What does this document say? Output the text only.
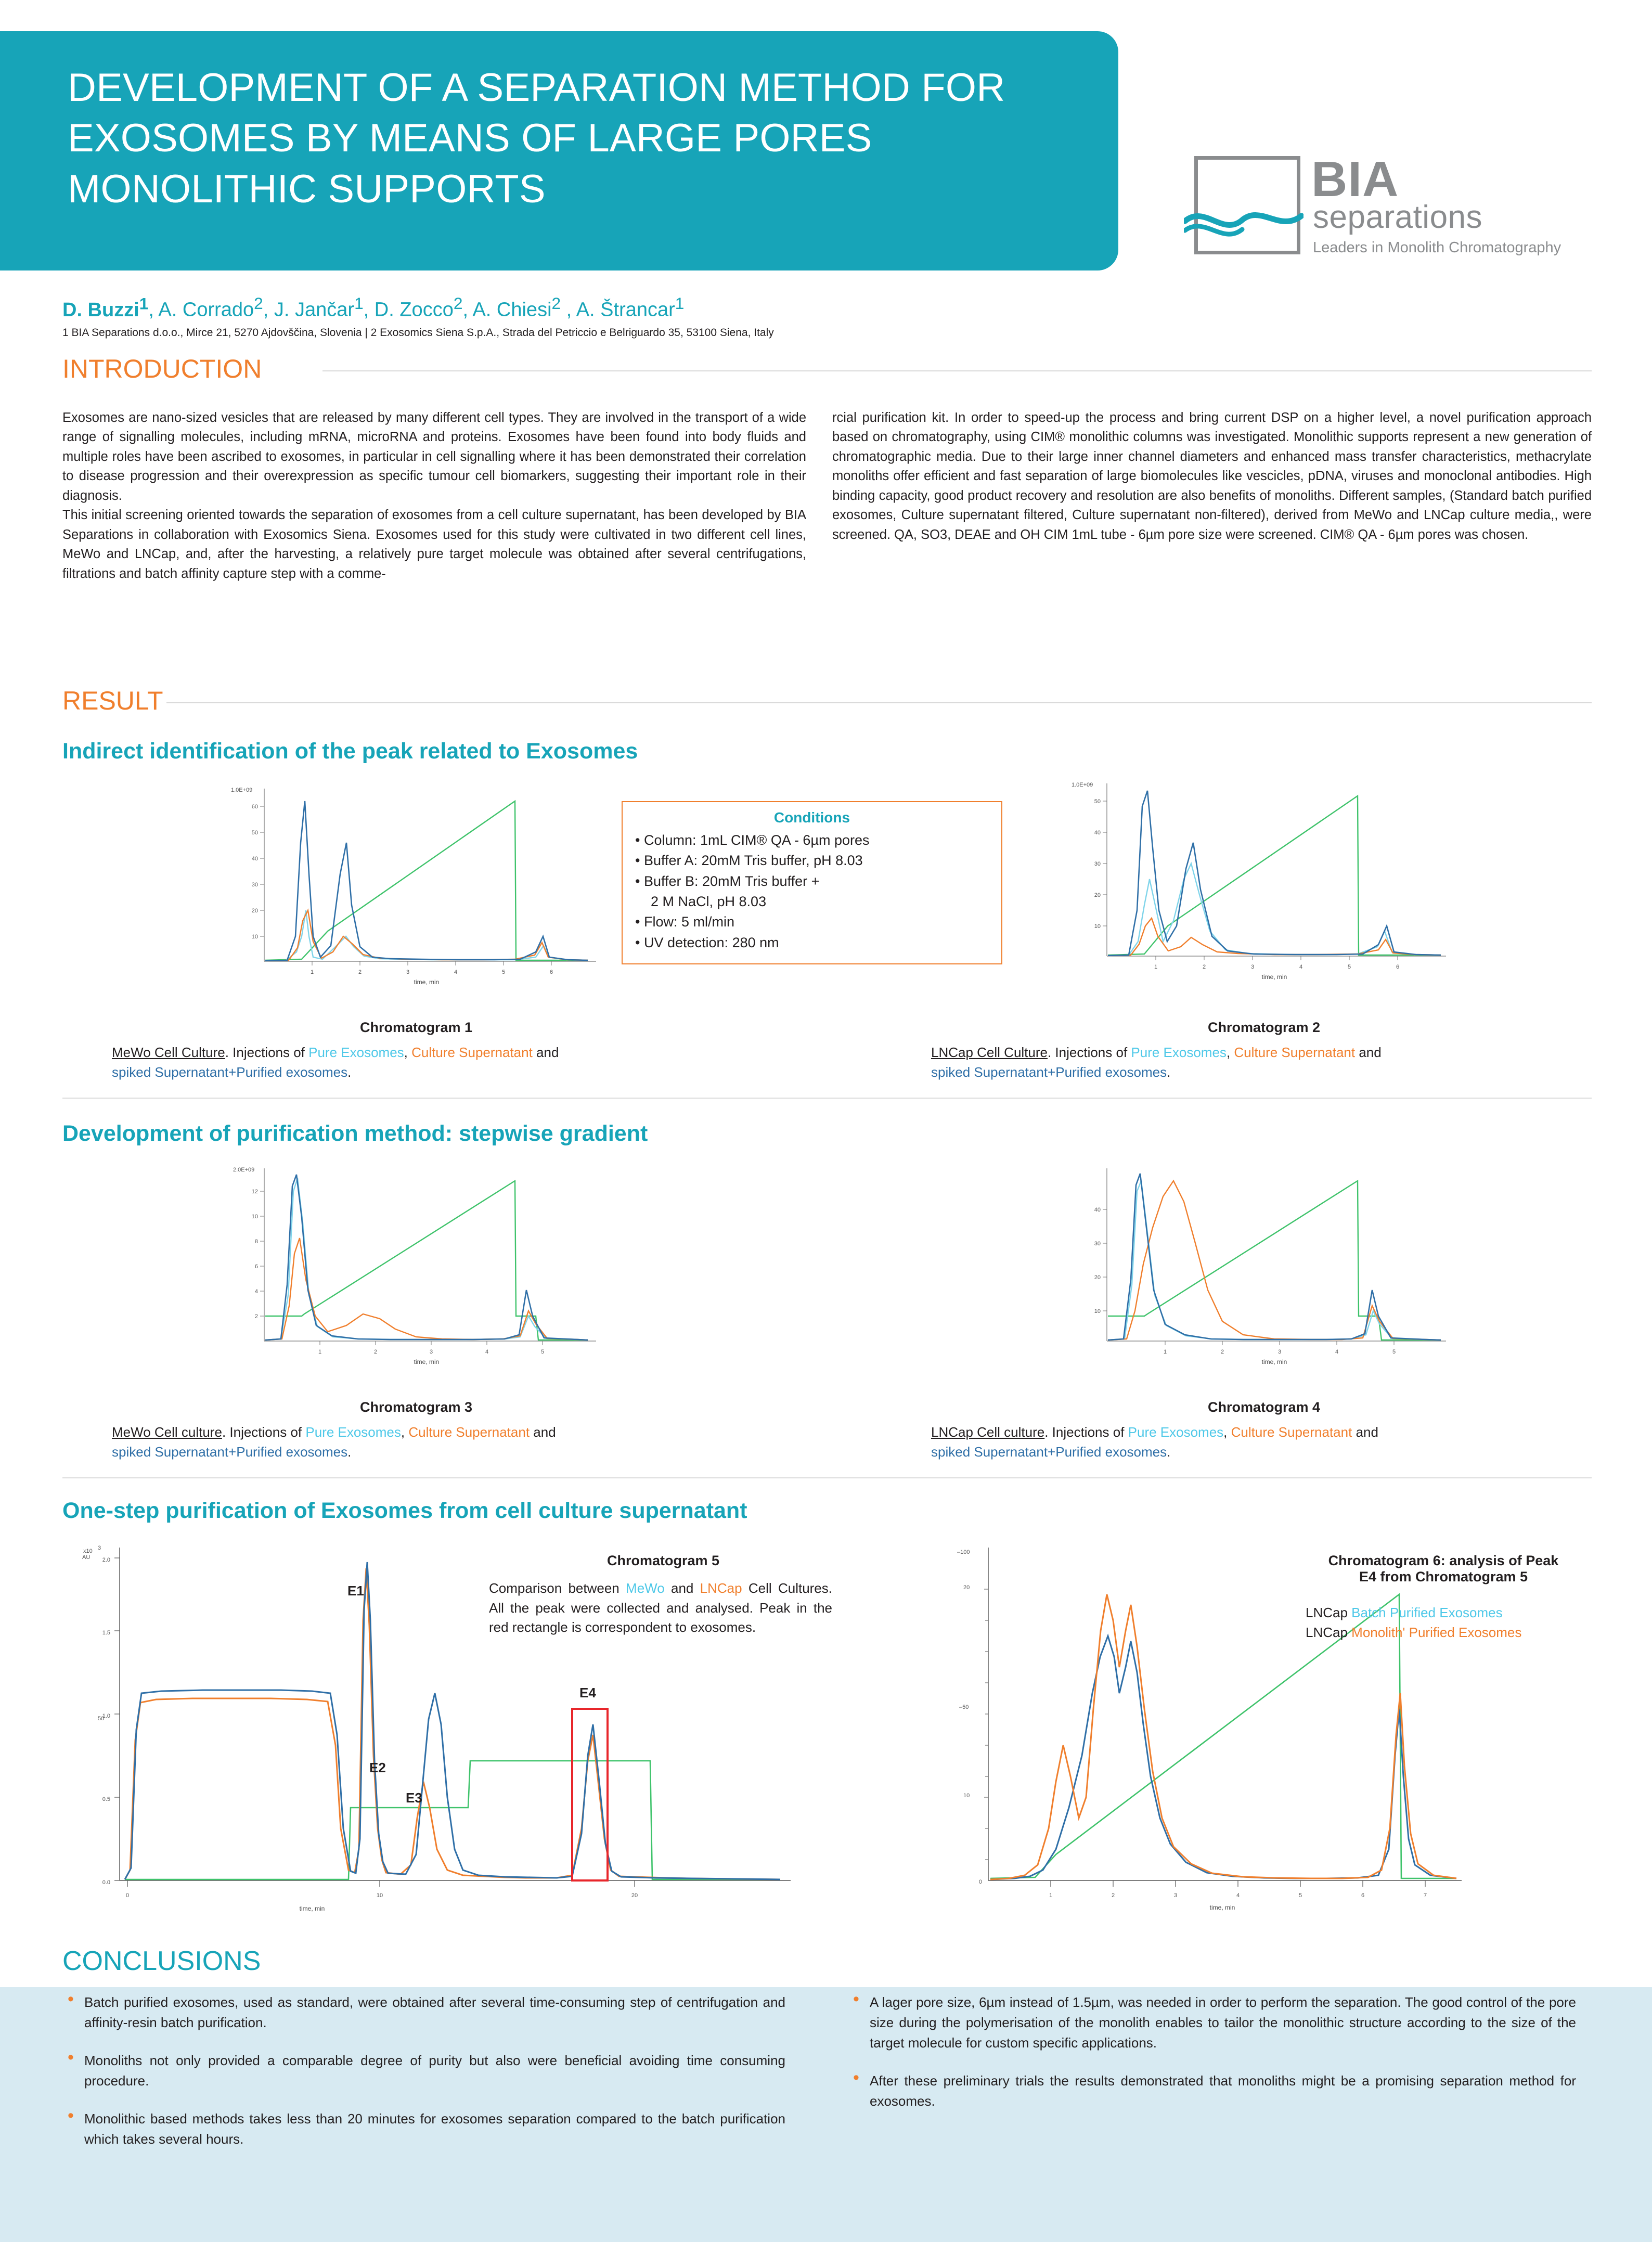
DEVELOPMENT OF A SEPARATION METHOD FOR EXOSOMES BY MEANS OF LARGE PORES MONOLITHIC SUPPORTS	BIA
separations
Leaders in Monolith Chromatography
D. Buzzi$^1$, A. Corrado$^2$, J. Jančar$^1$, D. Zocco$^2$, A. Chiesi$^2$ , A. Štrancar$^1$
1 BIA Separations d.o.o., Mirce 21, 5270 Ajdovščina, Slovenia | 2 Exosomics Siena S.p.A., Strada del Petriccio e Belriguardo 35, 53100 Siena, Italy
INTRODUCTION
Exosomes are nano-sized vesicles that are released by many different cell types. They are involved in the transport of a wide range of signalling molecules, including mRNA, microRNA and proteins. Exosomes have been found into body fluids and multiple roles have been ascribed to exosomes, in particular in cell signalling where it has been demonstrated their correlation to disease progression and their overexpression as specific tumour cell biomarkers, suggesting their important role in their diagnosis.
This initial screening oriented towards the separation of exosomes from a cell culture supernatant, has been developed by BIA Separations in collaboration with Exosomics Siena. Exosomes used for this study were cultivated in two different cell lines, MeWo and LNCap, and, after the harvesting, a relatively pure target molecule was obtained after several centrifugations, filtrations and batch affinity capture step with a comme-
rcial purification kit. In order to speed-up the process and bring current DSP on a higher level, a novel purification approach based on chromatography, using CIM® monolithic columns was investigated. Monolithic supports represent a new generation of chromatographic media. Due to their large inner channel diameters and enhanced mass transfer characteristics, methacrylate monoliths offer efficient and fast separation of large biomolecules like vescicles, pDNA, viruses and monoclonal antibodies. High binding capacity, good product recovery and resolution are also benefits of monoliths. Different samples, (Standard batch purified exosomes, Culture supernatant filtered, Culture supernatant non-filtered), derived from MeWo and LNCap culture media,, were screened. QA, SO3, DEAE and OH CIM 1mL tube - 6µm pore size were screened. CIM® QA - 6µm pores was chosen.
RESULT
Indirect identification of the peak related to Exosomes
1.0E+09
10
20
30
40
50
60
1	2	3	4	5	6
time, min
Conditions
• Column: 1mL CIM® QA - 6µm pores
• Buffer A: 20mM Tris buffer, pH 8.03
• Buffer B: 20mM Tris buffer +
2 M NaCl, pH 8.03
• Flow: 5 ml/min
• UV detection: 280 nm
1.0E+09
10
20
30
40
50
1	2	3	4	5	6
time, min
Chromatogram 1
MeWo Cell Culture. Injections of Pure Exosomes, Culture Supernatant and
spiked Supernatant+Purified exosomes.
Chromatogram 2
LNCap Cell Culture. Injections of Pure Exosomes, Culture Supernatant and
spiked Supernatant+Purified exosomes.
Development of purification method: stepwise gradient
2.0E+09
2
4
6
8
10
12
1	2	3	4	5
time, min
10
20
30
40
1	2	3	4	5
time, min
Chromatogram 3
MeWo Cell culture. Injections of Pure Exosomes, Culture Supernatant and
spiked Supernatant+Purified exosomes.
Chromatogram 4
LNCap Cell culture. Injections of Pure Exosomes, Culture Supernatant and
spiked Supernatant+Purified exosomes.
One-step purification of Exosomes from cell culture supernatant
x10 3
AU
0.0
0.5
1.0
1.5
2.0
50
0	10	20
time, min
E1
E2
E3
E4
Chromatogram 5
Comparison between MeWo and LNCap Cell Cultures. All the peak were collected and analysed. Peak in the red rectangle is correspondent to exosomes.
–100
20
–50
10
0
1	2	3	4	5	6	7
time, min
Chromatogram 6: analysis of Peak
E4 from Chromatogram 5
LNCap Batch Purified Exosomes
LNCap Monolith' Purified Exosomes
CONCLUSIONS
• Batch purified exosomes, used as standard, were obtained after several time-consuming step of centrifugation and affinity-resin batch purification.
• Monoliths not only provided a comparable degree of purity but also were beneficial avoiding time consuming procedure.
• Monolithic based methods takes less than 20 minutes for exosomes separation compared to the batch purification which takes several hours.
• A lager pore size, 6µm instead of 1.5µm, was needed in order to perform the separation. The good control of the pore size during the polymerisation of the monolith enables to tailor the monolithic structure according to the size of the target molecule for custom specific applications.
• After these preliminary trials the results demonstrated that monoliths might be a promising separation method for exosomes.
